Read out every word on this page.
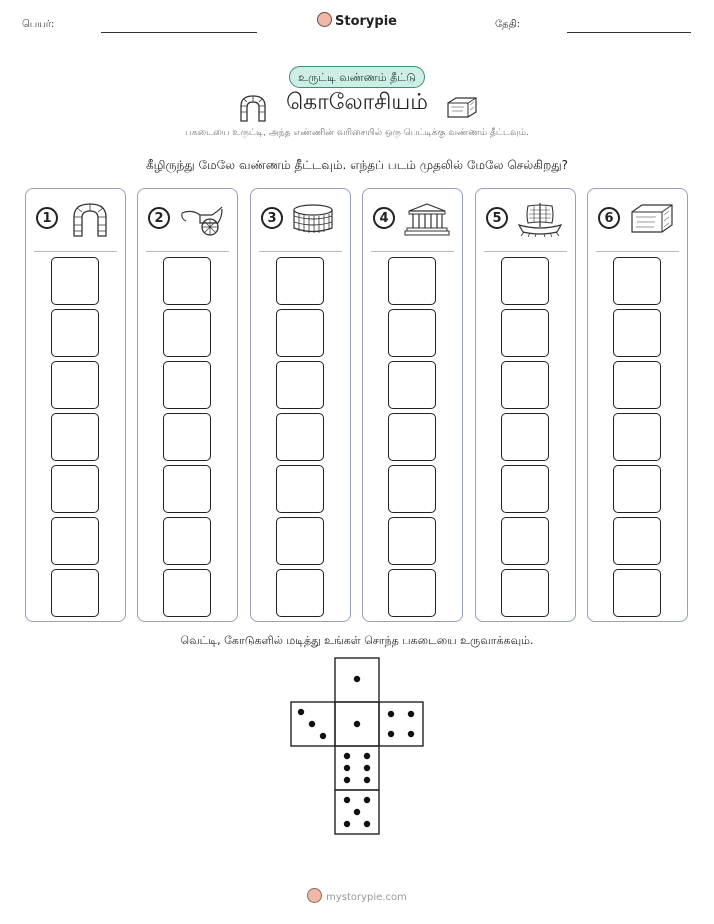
பெயர்:	Storypie	தேதி:
உருட்டி வண்ணம் தீட்டு
கொலோசியம்
பகடையை உருட்டி, அந்த எண்ணின் வரிசையில் ஒரு பெட்டிக்கு வண்ணம் தீட்டவும்.
கீழிருந்து மேலே வண்ணம் தீட்டவும். எந்தப் படம் முதலில் மேலே செல்கிறது?
1	2	3	4	5	6
வெட்டி, கோடுகளில் மடித்து உங்கள் சொந்த பகடையை உருவாக்கவும்.
mystorypie.com
